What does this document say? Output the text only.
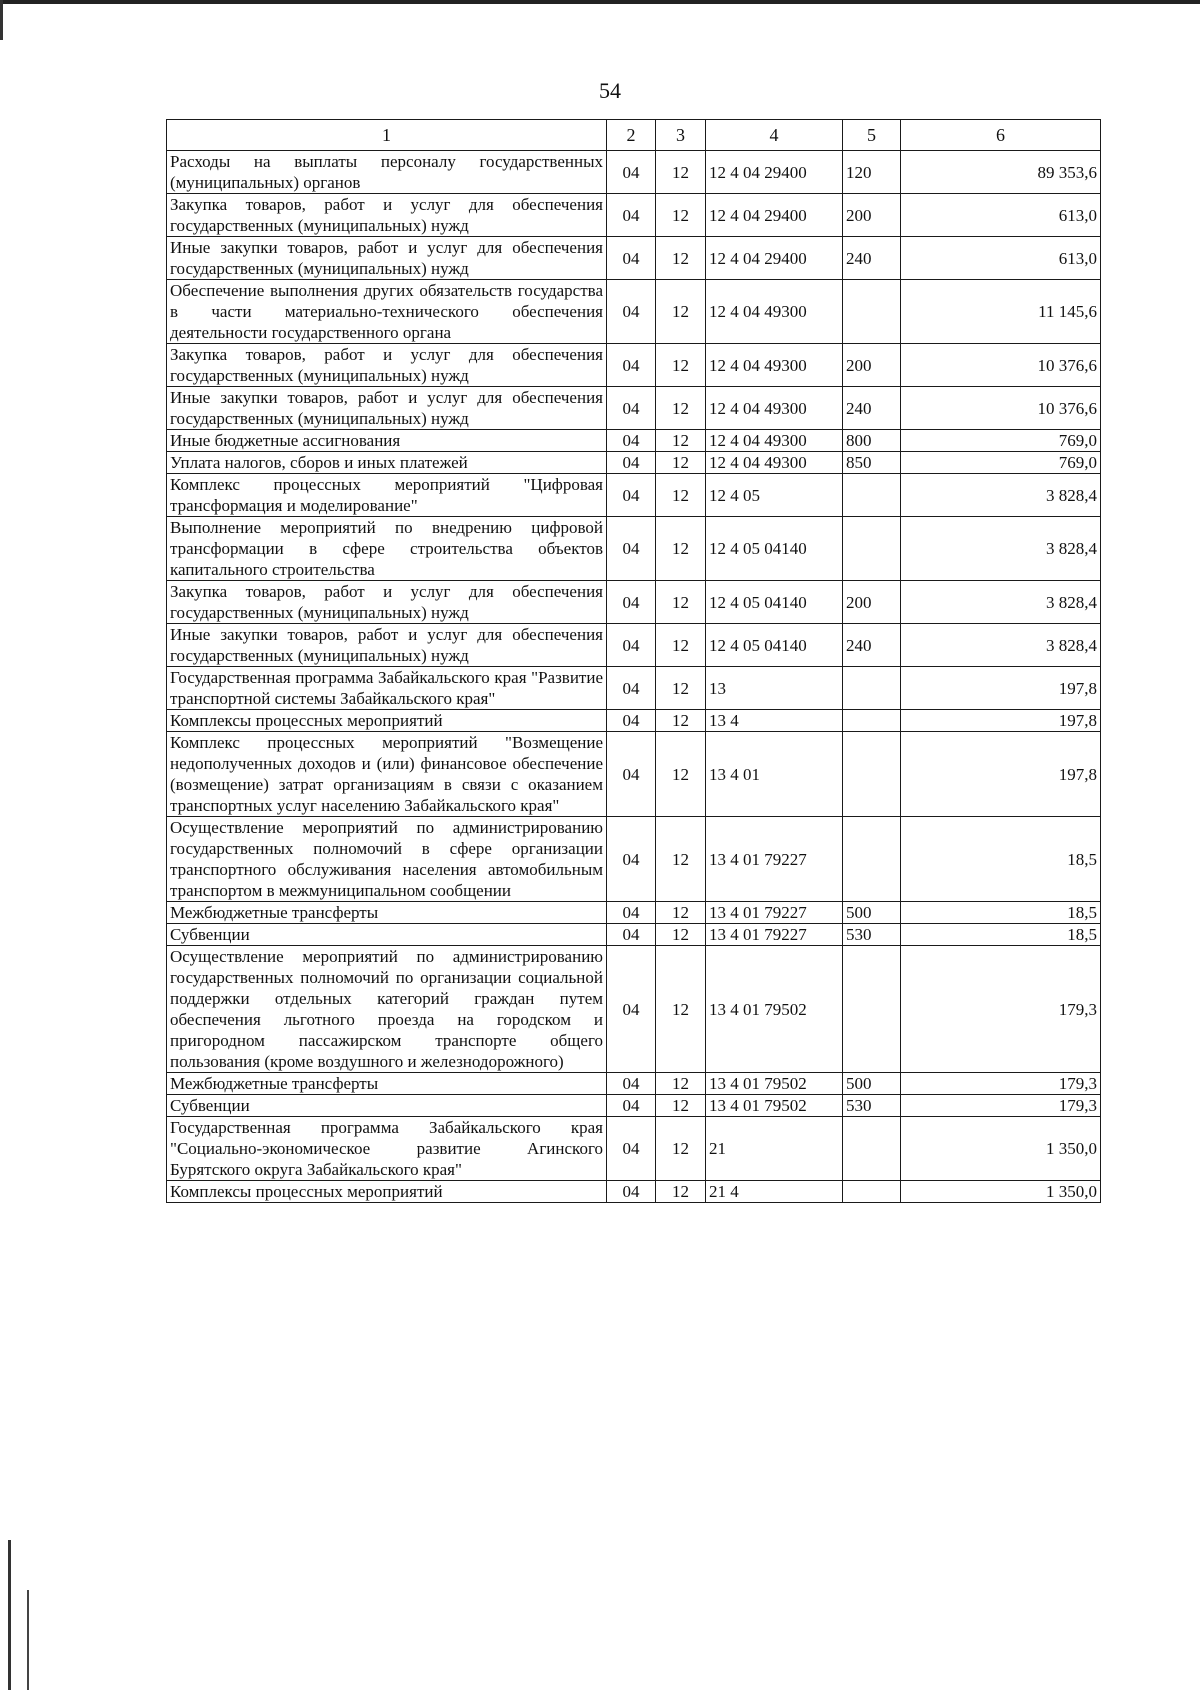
54
1	2	3	4	5	6
Расходы на выплаты персоналу государственных (муниципальных) органов	04	12	12 4 04 29400	120	89 353,6
Закупка товаров, работ и услуг для обеспечения государственных (муниципальных) нужд	04	12	12 4 04 29400	200	613,0
Иные закупки товаров, работ и услуг для обеспечения государственных (муниципальных) нужд	04	12	12 4 04 29400	240	613,0
Обеспечение выполнения других обязательств государства в части материально-технического обеспечения деятельности государственного органа	04	12	12 4 04 49300		11 145,6
Закупка товаров, работ и услуг для обеспечения государственных (муниципальных) нужд	04	12	12 4 04 49300	200	10 376,6
Иные закупки товаров, работ и услуг для обеспечения государственных (муниципальных) нужд	04	12	12 4 04 49300	240	10 376,6
Иные бюджетные ассигнования	04	12	12 4 04 49300	800	769,0
Уплата налогов, сборов и иных платежей	04	12	12 4 04 49300	850	769,0
Комплекс процессных мероприятий "Цифровая трансформация и моделирование"	04	12	12 4 05		3 828,4
Выполнение мероприятий по внедрению цифровой трансформации в сфере строительства объектов капитального строительства	04	12	12 4 05 04140		3 828,4
Закупка товаров, работ и услуг для обеспечения государственных (муниципальных) нужд	04	12	12 4 05 04140	200	3 828,4
Иные закупки товаров, работ и услуг для обеспечения государственных (муниципальных) нужд	04	12	12 4 05 04140	240	3 828,4
Государственная программа Забайкальского края "Развитие транспортной системы Забайкальского края"	04	12	13		197,8
Комплексы процессных мероприятий	04	12	13 4		197,8
Комплекс процессных мероприятий "Возмещение недополученных доходов и (или) финансовое обеспечение (возмещение) затрат организациям в связи с оказанием транспортных услуг населению Забайкальского края"	04	12	13 4 01		197,8
Осуществление мероприятий по администрированию государственных полномочий в сфере организации транспортного обслуживания населения автомобильным транспортом в межмуниципальном сообщении	04	12	13 4 01 79227		18,5
Межбюджетные трансферты	04	12	13 4 01 79227	500	18,5
Субвенции	04	12	13 4 01 79227	530	18,5
Осуществление мероприятий по администрированию государственных полномочий по организации социальной поддержки отдельных категорий граждан путем обеспечения льготного проезда на городском и пригородном пассажирском транспорте общего пользования (кроме воздушного и железнодорожного)	04	12	13 4 01 79502		179,3
Межбюджетные трансферты	04	12	13 4 01 79502	500	179,3
Субвенции	04	12	13 4 01 79502	530	179,3
Государственная программа Забайкальского края "Социально-экономическое развитие Агинского Бурятского округа Забайкальского края"	04	12	21		1 350,0
Комплексы процессных мероприятий	04	12	21 4		1 350,0
